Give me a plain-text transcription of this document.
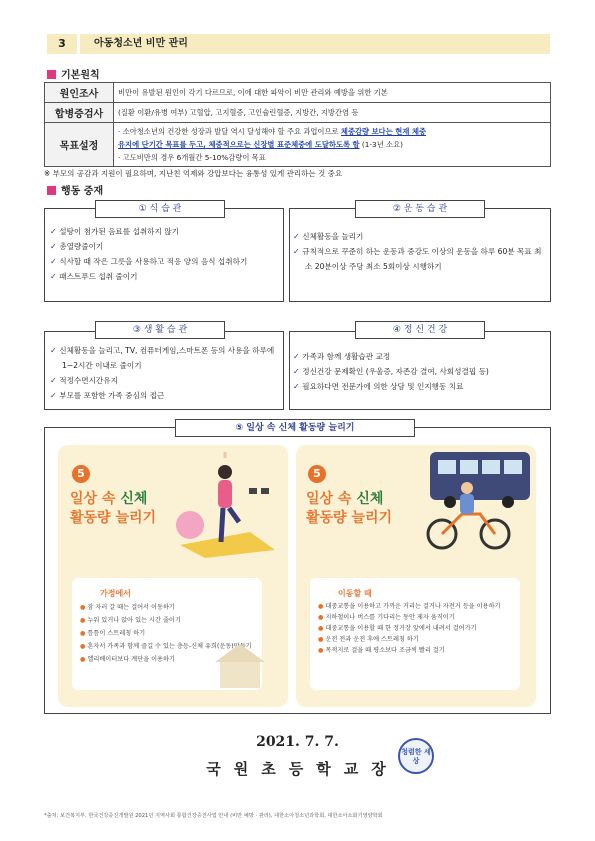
3	아동청소년 비만 관리
기본원칙
원인조사	비만이 유발된 원인이 각기 다르므로, 이에 대한 파악이 비만 관리와 예방을 위한 기본
합병증검사	(질환 이환/유병 여부) 고혈압, 고지혈증, 고인슐린혈증, 지방간, 지방간염 등
목표설정	· 소아청소년의 건강한 성장과 발달 역시 달성해야 할 주요 과업이므로 체중감량 보다는 현재 체중
유지에 단기간 목표를 두고, 체중적으로는 신장별 표준체중에 도달하도록 함 (1-3년 소요)
· 고도비만의 경우 6개월간 5-10%감량이 목표
※ 부모의 공감과 지원이 필요하며, 지난친 억제와 강압보다는 융통성 있게 관리하는 것 중요
행동 중재
① 식 습 관
✓ 설탕이 첨가된 음료를 섭취하지 않기
✓ 총열량줄이기
✓ 식사할 때 작은 그릇을 사용하고 적응 양의 음식 섭취하기
✓ 패스트푸드 섭취 줄이기
② 운 동 습 관
✓ 신체활동을 늘리기
✓ 규칙적으로 꾸준히 하는 운동과 중강도 이상의 운동을 하루 60분 목표 최소 20분이상 주당 최소 5회이상 시행하기
③ 생 활 습 관
✓ 신체활동을 늘리고, TV, 컴퓨터게임,스마트폰 등의 사용을 하루에 1~2시간 이내로 줄이기
✓ 적정수면시간유지
✓ 부모를 포함한 가족 중심의 접근
④ 정 신 건 강
✓ 가족과 함께 생활습관 교정
✓ 정신건강 문제확인 (우울증, 자존감 결여, 사회성결핍 등)
✓ 필요하다면 전문가에 의한 상담 및 인지행동 치료
⑤ 일상 속 신체 활동량 늘리기
5
일상 속 신체
활동량 늘리기
가정에서
● 잠 자러 갈 때는 걸어서 이동하기
● 누워 있거나 앉아 있는 시간 줄이기
● 틈틈이 스트레칭 하기
● 혼자서 가족과 함께 즐길 수 있는 층등-신체 유희(운동)만들기
● 엘리베이터보다 계단을 이용하기
5
일상 속 신체
활동량 늘리기
이동할 때
● 대중교통을 이용하고 가까운 거리는 걸거나 자전거 등을 이용하기
● 지하철이나 버스를 기다리는 동안 제자 움직이기
● 대중교통을 이용할 때 한 정거장 앞에서 내려서 걸어가기
● 운전 전과 운전 후에 스트레칭 하기
● 목적지로 걸을 때 평소보다 조금씩 빨리 걸기
2021. 7. 7.
국원초등학교장
청렴한 세상
*출처: 보건복지부, 한국건강증진개발원 2021년 지역사회 통합건강증진사업 안내 (비만 예방 · 관리), 대한소아청소년과학회, 대한소아소화기영양학회
